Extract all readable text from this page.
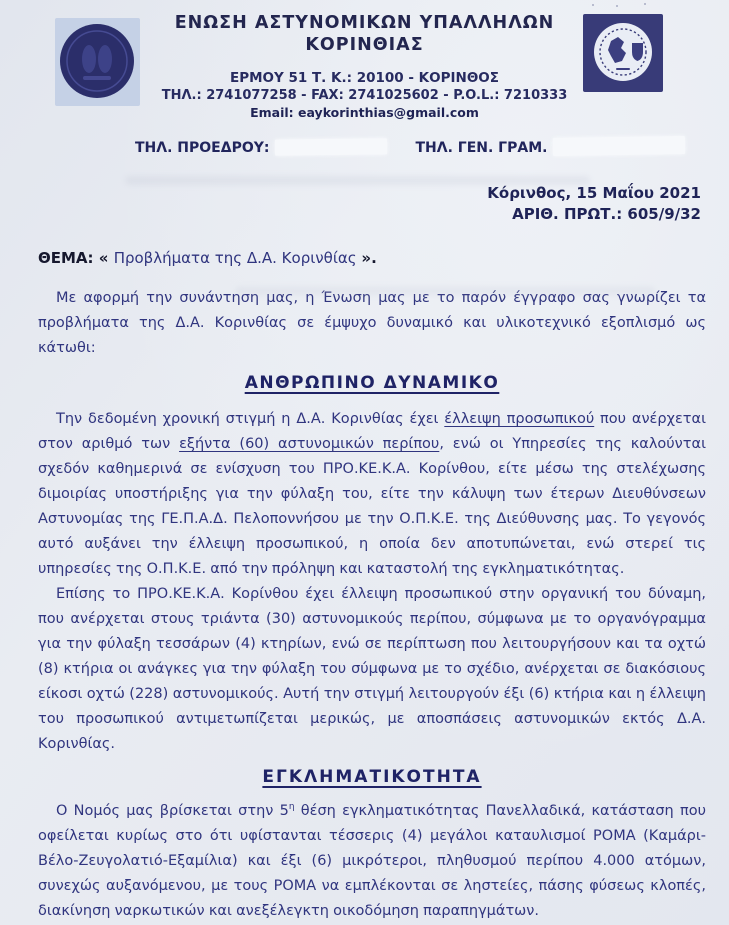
ΕΝΩΣΗ ΑΣΤΥΝΟΜΙΚΩΝ ΥΠΑΛΛΗΛΩΝ
ΚΟΡΙΝΘΙΑΣ
ΕΡΜΟΥ 51 Τ. Κ.: 20100 - ΚΟΡΙΝΘΟΣ
ΤΗΛ.: 2741077258 - FAX: 2741025602 - P.O.L.: 7210333
Email: eaykorinthias@gmail.com
ΤΗΛ. ΠΡΟΕΔΡΟΥ:	ΤΗΛ. ΓΕΝ. ΓΡΑΜ.
Κόρινθος, 15 Μαΐου 2021
ΑΡΙΘ. ΠΡΩΤ.: 605/9/32
ΘΕΜΑ: « Προβλήματα της Δ.Α. Κορινθίας ».

Με αφορμή την συνάντηση μας, η Ένωση μας με το παρόν έγγραφο σας γνωρίζει τα προβλήματα της Δ.Α. Κορινθίας σε έμψυχο δυναμικό και υλικοτεχνικό εξοπλισμό ως κάτωθι:

ΑΝΘΡΩΠΙΝΟ ΔΥΝΑΜΙΚΟ

Την δεδομένη χρονική στιγμή η Δ.Α. Κορινθίας έχει έλλειψη προσωπικού που ανέρχεται στον αριθμό των εξήντα (60) αστυνομικών περίπου, ενώ οι Υπηρεσίες της καλούνται σχεδόν καθημερινά σε ενίσχυση του ΠΡΟ.ΚΕ.Κ.Α. Κορίνθου, είτε μέσω της στελέχωσης διμοιρίας υποστήριξης για την φύλαξη του, είτε την κάλυψη των έτερων Διευθύνσεων Αστυνομίας της ΓΕ.Π.Α.Δ. Πελοποννήσου με την Ο.Π.Κ.Ε. της Διεύθυνσης μας. Το γεγονός αυτό αυξάνει την έλλειψη προσωπικού, η οποία δεν αποτυπώνεται, ενώ στερεί τις υπηρεσίες της Ο.Π.Κ.Ε. από την πρόληψη και καταστολή της εγκληματικότητας.

Επίσης το ΠΡΟ.ΚΕ.Κ.Α. Κορίνθου έχει έλλειψη προσωπικού στην οργανική του δύναμη, που ανέρχεται στους τριάντα (30) αστυνομικούς περίπου, σύμφωνα με το οργανόγραμμα για την φύλαξη τεσσάρων (4) κτηρίων, ενώ σε περίπτωση που λειτουργήσουν και τα οχτώ (8) κτήρια οι ανάγκες για την φύλαξη του σύμφωνα με το σχέδιο, ανέρχεται σε διακόσιους είκοσι οχτώ (228) αστυνομικούς. Αυτή την στιγμή λειτουργούν έξι (6) κτήρια και η έλλειψη του προσωπικού αντιμετωπίζεται μερικώς, με αποσπάσεις αστυνομικών εκτός Δ.Α. Κορινθίας.

ΕΓΚΛΗΜΑΤΙΚΟΤΗΤΑ

Ο Νομός μας βρίσκεται στην $5^\eta$ θέση εγκληματικότητας Πανελλαδικά, κατάσταση που οφείλεται κυρίως στο ότι υφίστανται τέσσερις (4) μεγάλοι καταυλισμοί ΡΟΜΑ (Καμάρι-Βέλο-Ζευγολατιό-Εξαμίλια) και έξι (6) μικρότεροι, πληθυσμού περίπου 4.000 ατόμων, συνεχώς αυξανόμενου, με τους ΡΟΜΑ να εμπλέκονται σε ληστείες, πάσης φύσεως κλοπές, διακίνηση ναρκωτικών και ανεξέλεγκτη οικοδόμηση παραπηγμάτων.
